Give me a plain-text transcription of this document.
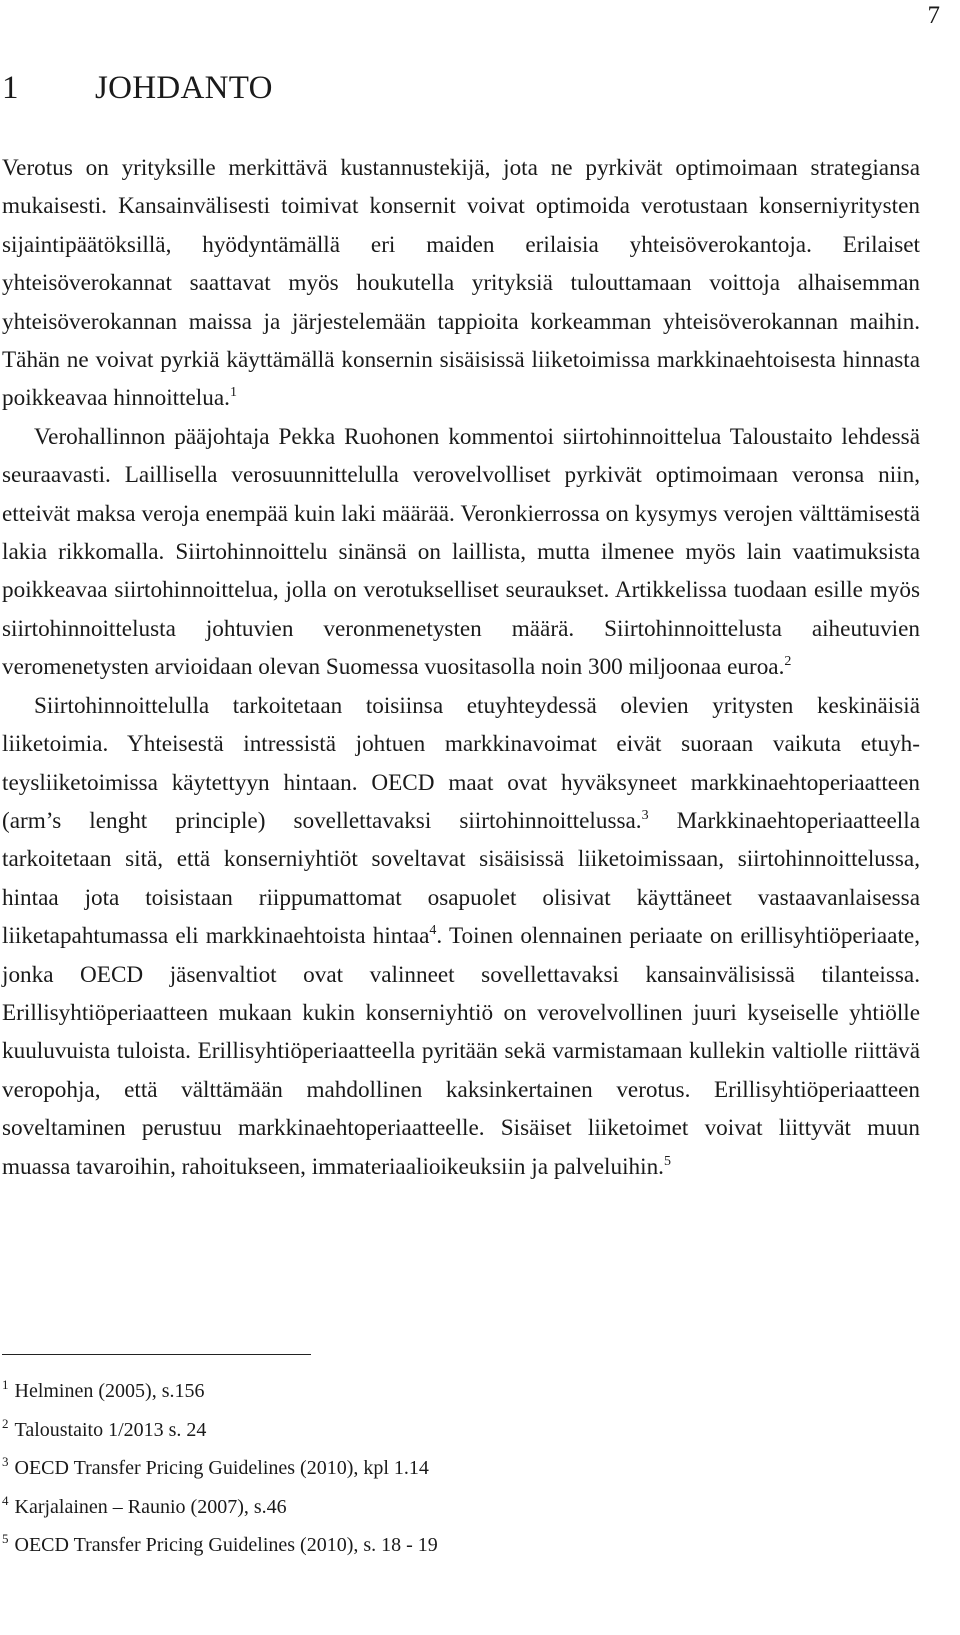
7
1 JOHDANTO

Verotus on yrityksille merkittävä kustannustekijä, jota ne pyrkivät optimoimaan strategiansa mukaisesti. Kansainvälisesti toimivat konsernit voivat optimoida verotustaan konserniyritysten sijaintipäätöksillä, hyödyntämällä eri maiden erilaisia yhteisöverokantoja. Erilaiset yhteisöverokannat saattavat myös houkutella yrityksiä tulouttamaan voittoja alhaisemman yhteisöverokannan maissa ja järjestelemään tappioita korkeamman yhteisöverokannan maihin. Tähän ne voivat pyrkiä käyttämällä konsernin sisäisissä liiketoimissa markkinaehtoisesta hinnasta poikkeavaa hinnoittelua.$^1$

Verohallinnon pääjohtaja Pekka Ruohonen kommentoi siirtohinnoittelua Taloustaito lehdessä seuraavasti. Laillisella verosuunnittelulla verovelvolliset pyrkivät optimoimaan veronsa niin, etteivät maksa veroja enempää kuin laki määrää. Veronkierrossa on kysymys verojen välttämisestä lakia rikkomalla. Siirtohinnoittelu sinänsä on laillista, mutta ilmenee myös lain vaatimuksista poikkeavaa siirtohinnoittelua, jolla on verotukselliset seuraukset. Artikkelissa tuodaan esille myös siirtohinnoittelusta johtuvien veronmenetysten määrä. Siirtohinnoittelusta aiheutuvien veromenetysten arvioidaan olevan Suomessa vuositasolla noin 300 miljoonaa euroa.$^2$

Siirtohinnoittelulla tarkoitetaan toisiinsa etuyhteydessä olevien yritysten keskinäisiä liiketoimia. Yhteisestä intressistä johtuen markkinavoimat eivät suoraan vaikuta etuyhteysliiketoimissa käytettyyn hintaan. OECD maat ovat hyväksyneet markkinaehtoperiaatteen (arm’s lenght principle) sovellettavaksi siirtohinnoittelussa.$^3$ Markkinaehtoperiaatteella tarkoitetaan sitä, että konserniyhtiöt soveltavat sisäisissä liiketoimissaan, siirtohinnoittelussa, hintaa jota toisistaan riippumattomat osapuolet olisivat käyttäneet vastaavanlaisessa liiketapahtumassa eli markkinaehtoista hintaa$^4$. Toinen olennainen periaate on erillisyhtiöperiaate, jonka OECD jäsenvaltiot ovat valinneet sovellettavaksi kansainvälisissä tilanteissa. Erillisyhtiöperiaatteen mukaan kukin konserniyhtiö on verovelvollinen juuri kyseiselle yhtiölle kuuluvuista tuloista. Erillisyhtiöperiaatteella pyritään sekä varmistamaan kullekin valtiolle riittävä veropohja, että välttämään mahdollinen kaksinkertainen verotus. Erillisyhtiöperiaatteen soveltaminen perustuu markkinaehtoperiaatteelle. Sisäiset liiketoimet voivat liittyvät muun muassa tavaroihin, rahoitukseen, immateriaalioikeuksiin ja palveluihin.$^5$

$^1$ Helminen (2005), s.156
$^2$ Taloustaito 1/2013 s. 24
$^3$ OECD Transfer Pricing Guidelines (2010), kpl 1.14
$^4$ Karjalainen – Raunio (2007), s.46
$^5$ OECD Transfer Pricing Guidelines (2010), s. 18 - 19
